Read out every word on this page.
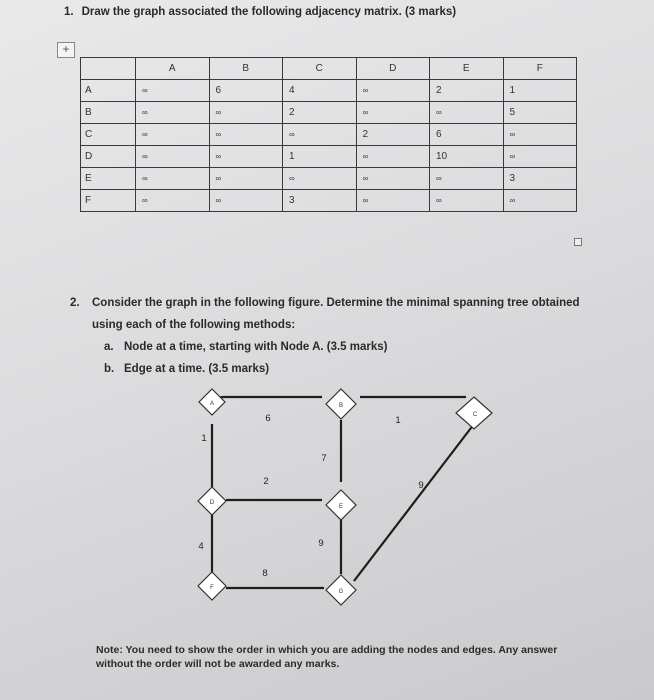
1. Draw the graph associated the following adjacency matrix. (3 marks)
+
	A	B	C	D	E	F
A	∞	6	4	∞	2	1
B	∞	∞	2	∞	∞	5
C	∞	∞	∞	2	6	∞
D	∞	∞	1	∞	10	∞
E	∞	∞	∞	∞	∞	3
F	∞	∞	3	∞	∞	∞
2. Consider the graph in the following figure. Determine the minimal spanning tree obtained using each of the following methods:
a. Node at a time, starting with Node A. (3.5 marks)
b. Edge at a time. (3.5 marks)
A	B
C
D
E
F
G
6	1
1
7
2	9
4	9
8
Note: You need to show the order in which you are adding the nodes and edges. Any answer without the order will not be awarded any marks.
